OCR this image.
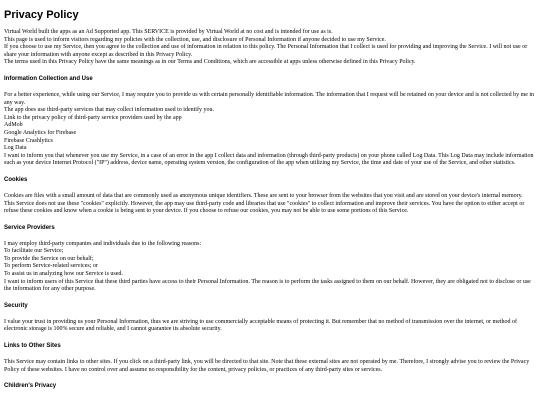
Privacy Policy

Virtual World built the apps as an Ad Supported app. This SERVICE is provided by Virtual World at no cost and is intended for use as is.

This page is used to inform visitors regarding my policies with the collection, use, and disclosure of Personal Information if anyone decided to use my Service.

If you choose to use my Service, then you agree to the collection and use of information in relation to this policy. The Personal Information that I collect is used for providing and improving the Service. I will not use or share your information with anyone except as described in this Privacy Policy.

The terms used in this Privacy Policy have the same meanings as in our Terms and Conditions, which are accessible at apps unless otherwise defined in this Privacy Policy.

Information Collection and Use

For a better experience, while using our Service, I may require you to provide us with certain personally identifiable information. The information that I request will be retained on your device and is not collected by me in any way.

The app does use third-party services that may collect information used to identify you.

Link to the privacy policy of third-party service providers used by the app

AdMob

Google Analytics for Firebase

Firebase Crashlytics

Log Data

I want to inform you that whenever you use my Service, in a case of an error in the app I collect data and information (through third-party products) on your phone called Log Data. This Log Data may include information such as your device Internet Protocol ("IP") address, device name, operating system version, the configuration of the app when utilizing my Service, the time and date of your use of the Service, and other statistics.

Cookies

Cookies are files with a small amount of data that are commonly used as anonymous unique identifiers. These are sent to your browser from the websites that you visit and are stored on your device's internal memory.

This Service does not use these "cookies" explicitly. However, the app may use third-party code and libraries that use "cookies" to collect information and improve their services. You have the option to either accept or refuse these cookies and know when a cookie is being sent to your device. If you choose to refuse our cookies, you may not be able to use some portions of this Service.

Service Providers

I may employ third-party companies and individuals due to the following reasons:

To facilitate our Service;

To provide the Service on our behalf;

To perform Service-related services; or

To assist us in analyzing how our Service is used.

I want to inform users of this Service that these third parties have access to their Personal Information. The reason is to perform the tasks assigned to them on our behalf. However, they are obligated not to disclose or use the information for any other purpose.

Security

I value your trust in providing us your Personal Information, thus we are striving to use commercially acceptable means of protecting it. But remember that no method of transmission over the internet, or method of electronic storage is 100% secure and reliable, and I cannot guarantee its absolute security.

Links to Other Sites

This Service may contain links to other sites. If you click on a third-party link, you will be directed to that site. Note that these external sites are not operated by me. Therefore, I strongly advise you to review the Privacy Policy of these websites. I have no control over and assume no responsibility for the content, privacy policies, or practices of any third-party sites or services.

Children's Privacy
